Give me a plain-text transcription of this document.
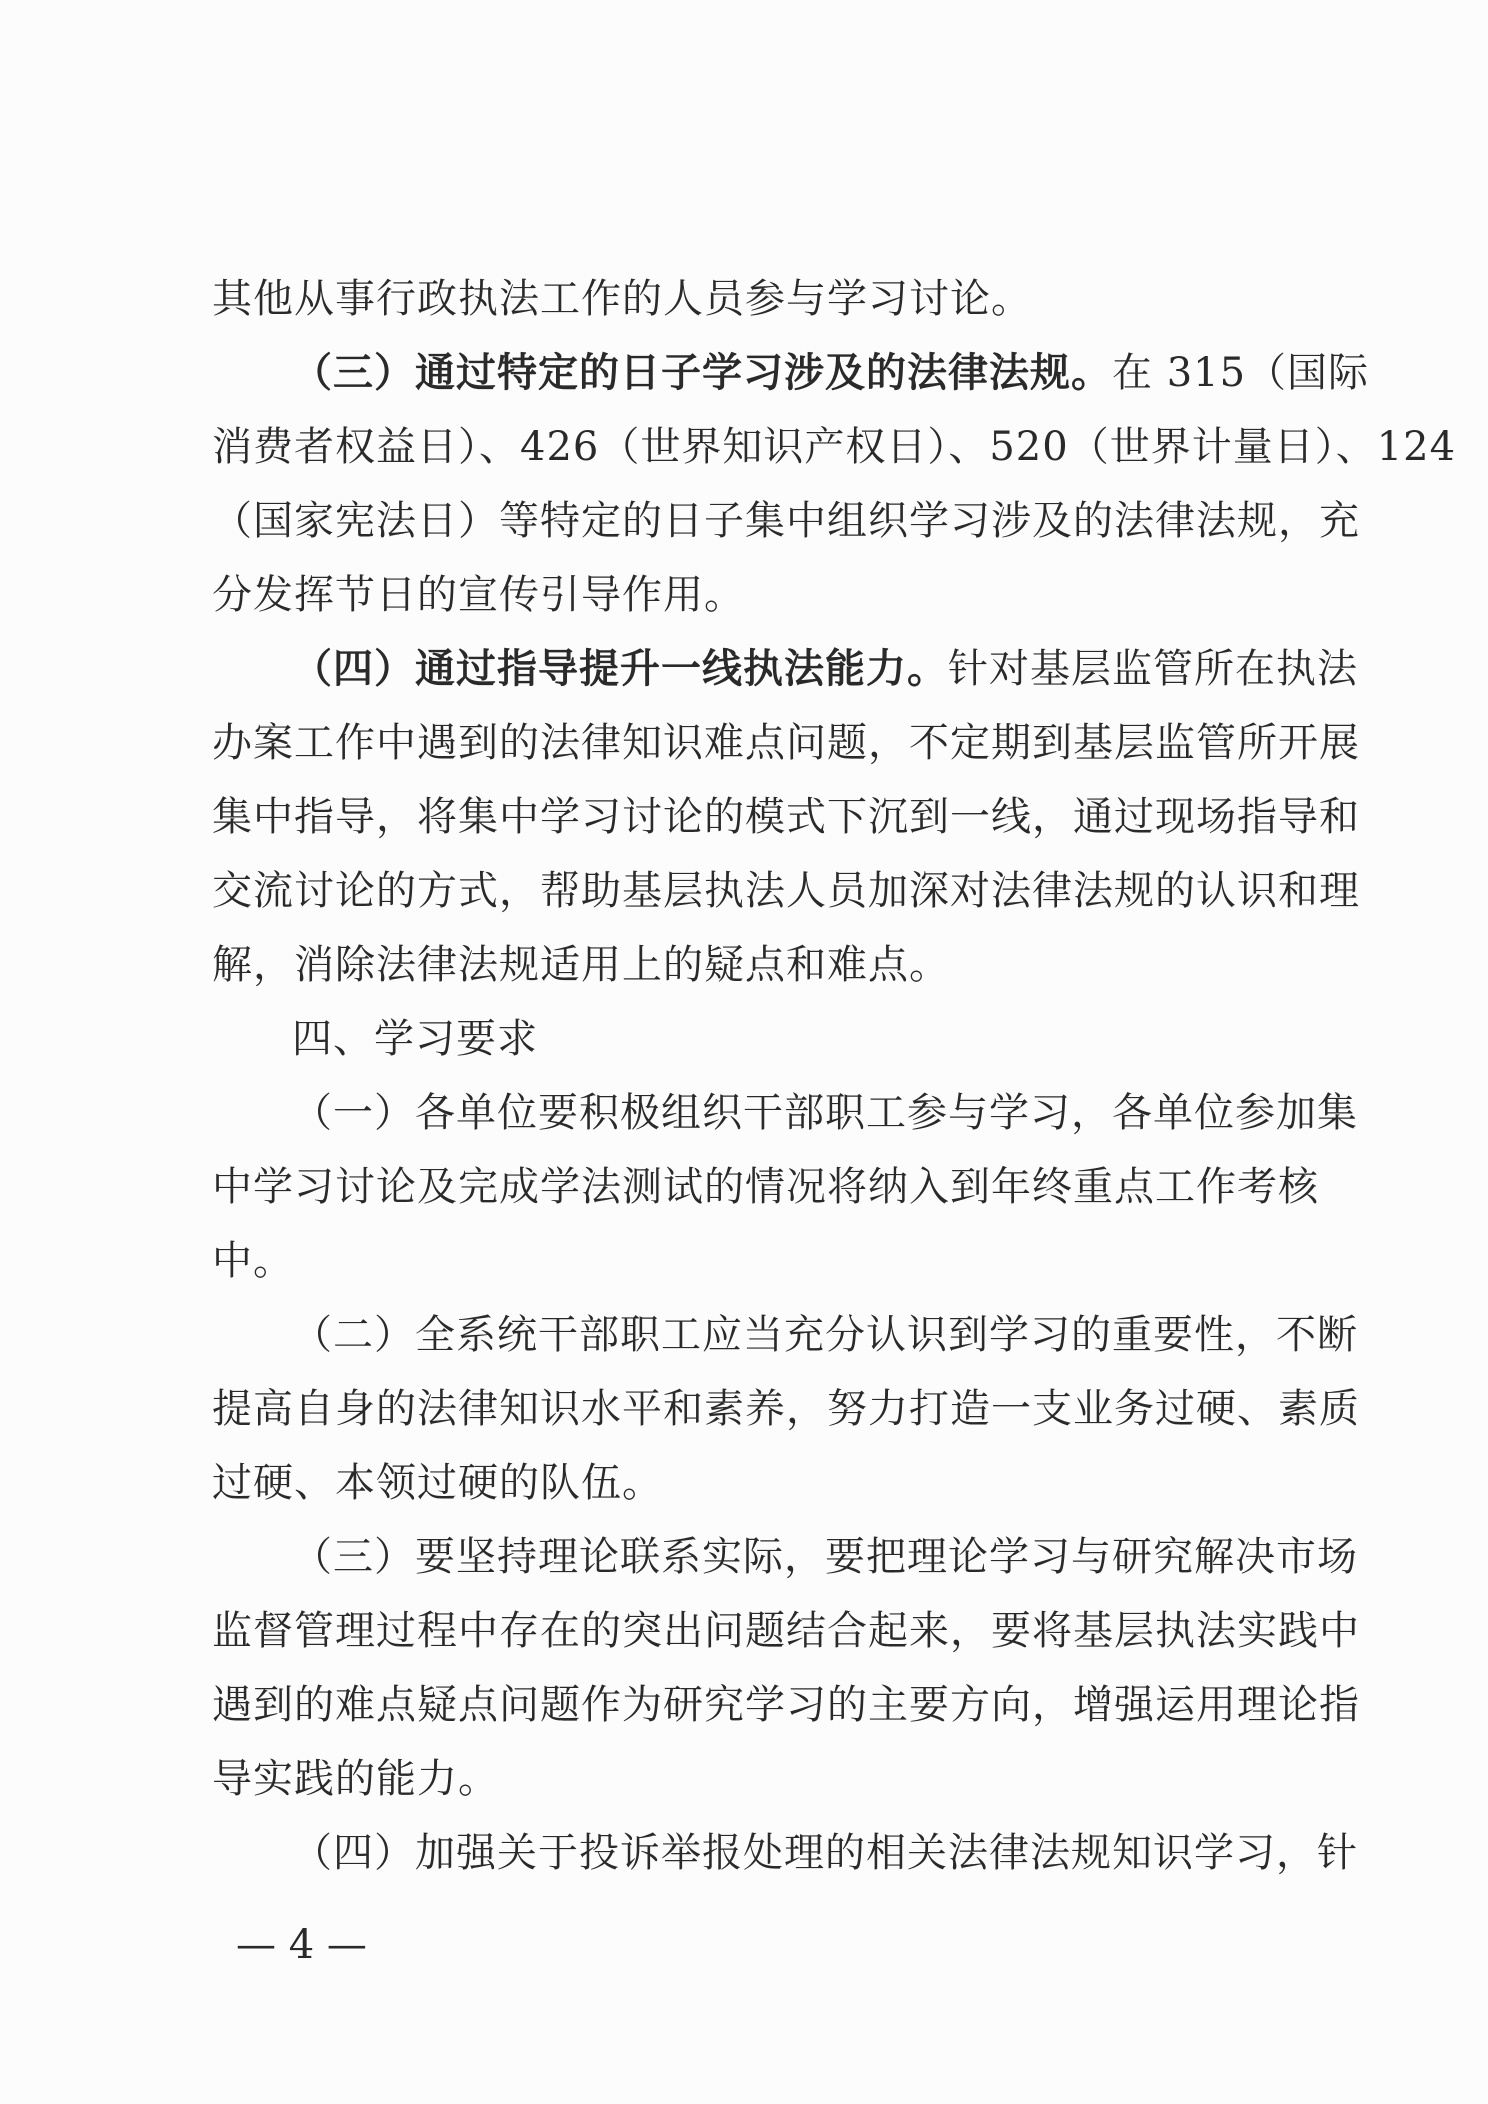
其他从事行政执法工作的人员参与学习讨论。
（三）通过特定的日子学习涉及的法律法规。在 315（国际
消费者权益日）、426（世界知识产权日）、520（世界计量日）、124
（国家宪法日）等特定的日子集中组织学习涉及的法律法规，充
分发挥节日的宣传引导作用。
（四）通过指导提升一线执法能力。针对基层监管所在执法
办案工作中遇到的法律知识难点问题，不定期到基层监管所开展
集中指导，将集中学习讨论的模式下沉到一线，通过现场指导和
交流讨论的方式，帮助基层执法人员加深对法律法规的认识和理
解，消除法律法规适用上的疑点和难点。
四、学习要求
（一）各单位要积极组织干部职工参与学习，各单位参加集
中学习讨论及完成学法测试的情况将纳入到年终重点工作考核
中。
（二）全系统干部职工应当充分认识到学习的重要性，不断
提高自身的法律知识水平和素养，努力打造一支业务过硬、素质
过硬、本领过硬的队伍。
（三）要坚持理论联系实际，要把理论学习与研究解决市场
监督管理过程中存在的突出问题结合起来，要将基层执法实践中
遇到的难点疑点问题作为研究学习的主要方向，增强运用理论指
导实践的能力。
（四）加强关于投诉举报处理的相关法律法规知识学习，针
— 4 —
